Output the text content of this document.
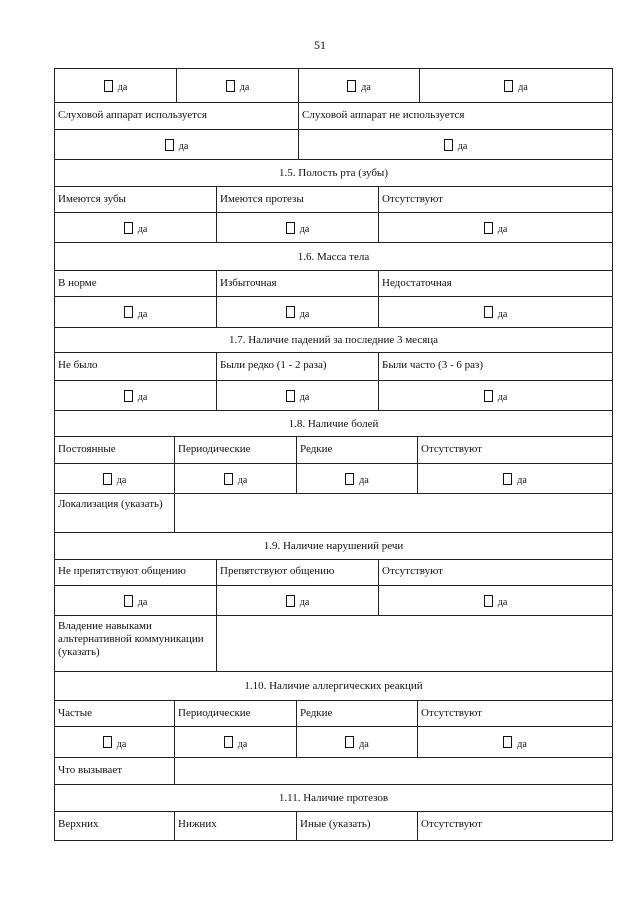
51
да	да	да	да
Слуховой аппарат используется	Слуховой аппарат не используется
да	да
1.5. Полость рта (зубы)
Имеются зубы	Имеются протезы	Отсутствуют
да	да	да
1.6. Масса тела
В норме	Избыточная	Недостаточная
да	да	да
1.7. Наличие падений за последние 3 месяца
Не было	Были редко (1 - 2 раза)	Были часто (3 - 6 раз)
да	да	да
1.8. Наличие болей
Постоянные	Периодические	Редкие	Отсутствуют
да	да	да	да
Локализация (указать)
1.9. Наличие нарушений речи
Не препятствуют общению	Препятствуют общению	Отсутствуют
да	да	да
Владение навыками альтернативной коммуникации (указать)
1.10. Наличие аллергических реакций
Частые	Периодические	Редкие	Отсутствуют
да	да	да	да
Что вызывает
1.11. Наличие протезов
Верхних	Нижних	Иные (указать)	Отсутствуют
